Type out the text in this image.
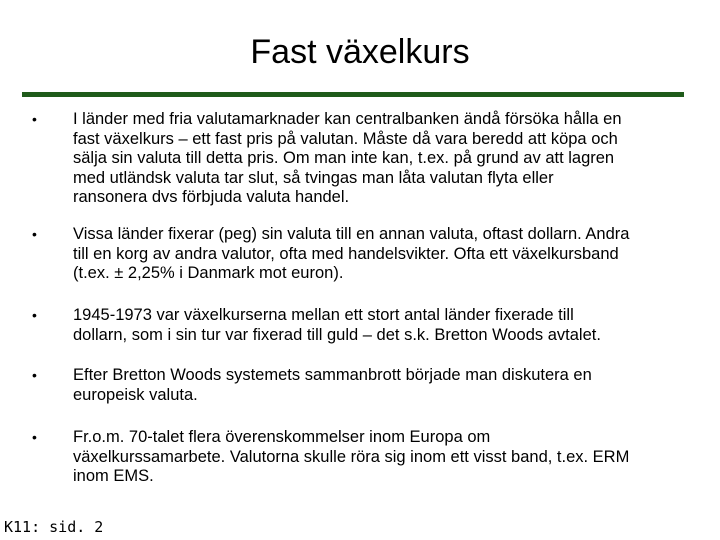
Fast växelkurs
• I länder med fria valutamarknader kan centralbanken ändå försöka hålla en
fast växelkurs – ett fast pris på valutan. Måste då vara beredd att köpa och
sälja sin valuta till detta pris. Om man inte kan, t.ex. på grund av att lagren
med utländsk valuta tar slut, så tvingas man låta valutan flyta eller
ransonera dvs förbjuda valuta handel.
• Vissa länder fixerar (peg) sin valuta till en annan valuta, oftast dollarn. Andra
till en korg av andra valutor, ofta med handelsvikter. Ofta ett växelkursband
(t.ex. ± 2,25% i Danmark mot euron).
• 1945-1973 var växelkurserna mellan ett stort antal länder fixerade till
dollarn, som i sin tur var fixerad till guld – det s.k. Bretton Woods avtalet.
• Efter Bretton Woods systemets sammanbrott började man diskutera en
europeisk valuta.
• Fr.o.m. 70-talet flera överenskommelser inom Europa om
växelkurssamarbete. Valutorna skulle röra sig inom ett visst band, t.ex. ERM
inom EMS.
K11: sid. 2
